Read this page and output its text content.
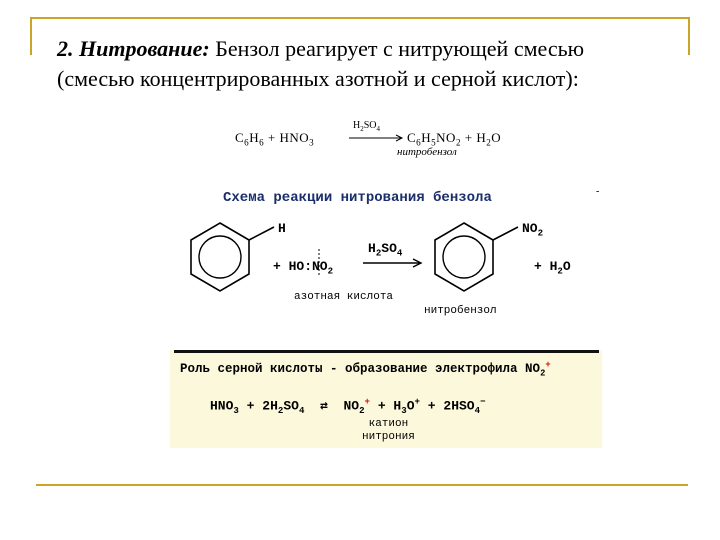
2. Нитрование: Бензол реагирует с нитрующей смесью
(смесью концентрированных азотной и серной кислот):
$C_6H_6 + HNO_3$
$H_2SO_4$
$C_6H_5NO_2 + H_2O$
нитробензол
Схема реакции нитрования бензола	-
H
+ $HO:NO_2$
$H_2SO_4$
$NO_2$
+ $H_2O$
азотная кислота
нитробензол
Роль серной кислоты - образование электрофила $NO_2^+$
$HNO_3 + 2H_2SO_4$  ⇄  $NO_2^+ + H_3O^+ + 2HSO_4^-$
катион
нитрония
